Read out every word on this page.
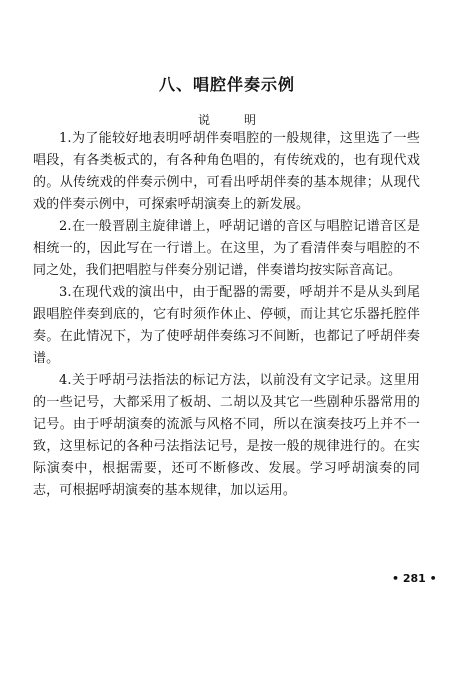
八、唱腔伴奏示例

说明

1.为了能较好地表明呼胡伴奏唱腔的一般规律，这里选了一些唱段，有各类板式的，有各种角色唱的，有传统戏的，也有现代戏的。从传统戏的伴奏示例中，可看出呼胡伴奏的基本规律；从现代戏的伴奏示例中，可探索呼胡演奏上的新发展。

2.在一般晋剧主旋律谱上，呼胡记谱的音区与唱腔记谱音区是相统一的，因此写在一行谱上。在这里，为了看清伴奏与唱腔的不同之处，我们把唱腔与伴奏分别记谱，伴奏谱均按实际音高记。

3.在现代戏的演出中，由于配器的需要，呼胡并不是从头到尾跟唱腔伴奏到底的，它有时须作休止、停顿，而让其它乐器托腔伴奏。在此情况下，为了使呼胡伴奏练习不间断，也都记了呼胡伴奏谱。

4.关于呼胡弓法指法的标记方法，以前没有文字记录。这里用的一些记号，大都采用了板胡、二胡以及其它一些剧种乐器常用的记号。由于呼胡演奏的流派与风格不同，所以在演奏技巧上并不一致，这里标记的各种弓法指法记号，是按一般的规律进行的。在实际演奏中，根据需要，还可不断修改、发展。学习呼胡演奏的同志，可根据呼胡演奏的基本规律，加以运用。

• 281 •
